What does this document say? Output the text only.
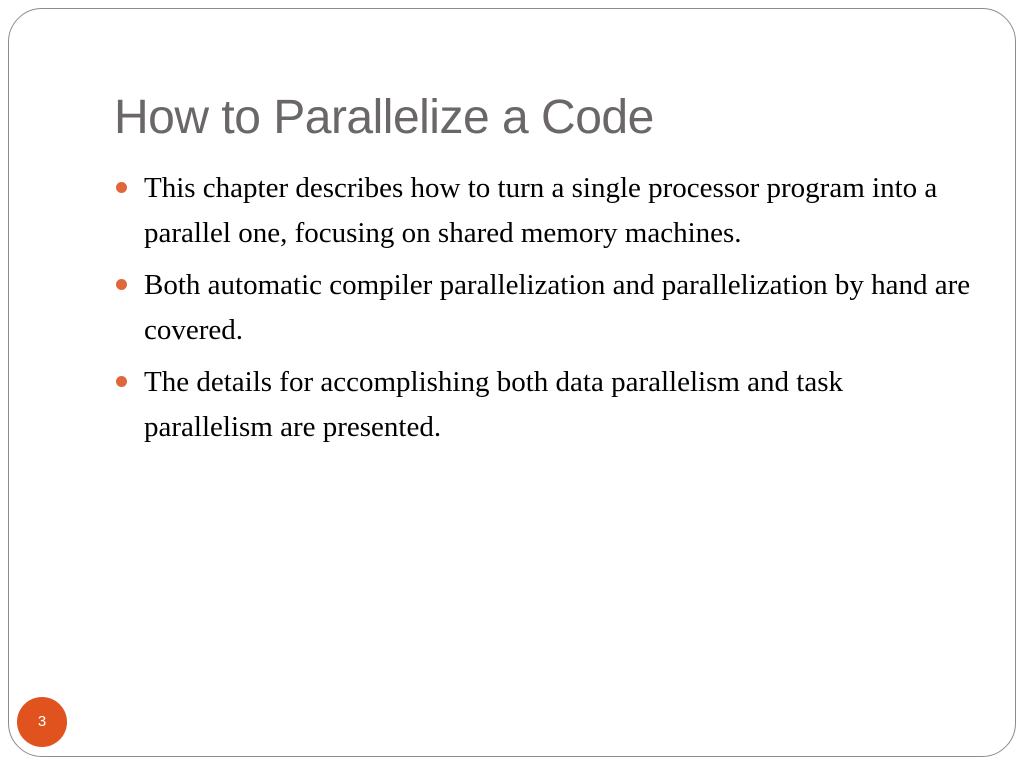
How to Parallelize a Code
This chapter describes how to turn a single processor program into a parallel one, focusing on shared memory machines.
Both automatic compiler parallelization and parallelization by hand are covered.
The details for accomplishing both data parallelism and task parallelism are presented.
3
